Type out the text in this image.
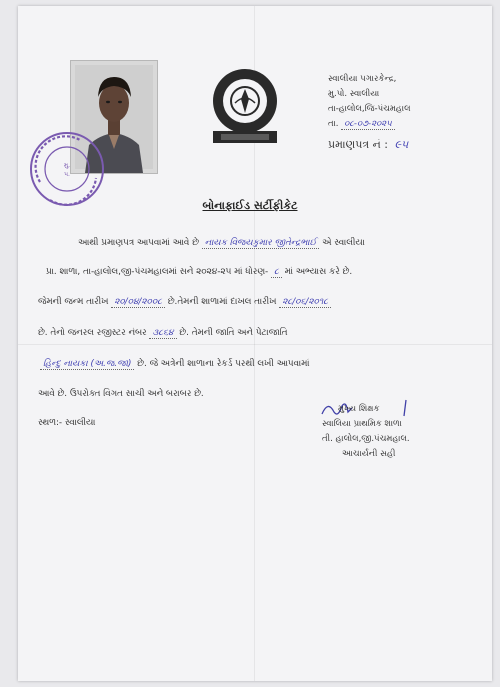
મુ.
૫.
સ્વાલીયા પગારકેન્દ્ર,
મુ.પો. સ્વાલીયા
તા-હાલોલ,જિ-પંચમહાલ
તા. ૦૮-૦૭-૨૦૨૫
પ્રમાણપત્ર નં : ૯૫
બોનાફાઈડ સર્ટીફીકેટ
આથી પ્રમાણપત્ર આપવામાં આવે છે નાયક વિજયકુમાર જીતેન્દ્રભાઈ એ સ્વાલીયા
પ્રા. શાળા, તા-હાલોલ,જી-પંચમહાલમાં સને ૨૦૨૪-૨૫ માં ધોરણ- ૮ માં અભ્યાસ કરે છે.
જેમની જન્મ તારીખ ૨૦/૦૪/૨૦૦૮ છે.તેમની શાળામાં દાખલ તારીખ ૨૮/૦૬/૨૦૧૮
છે. તેનો જનરલ રજીસ્ટર નંબર ૩૮૬૪ છે. તેમની જાતિ અને પેટાજાતિ
હિન્દુ નાયકા (અ.જ.જા) છે. જે અત્રેની શાળાના રેકર્ડ પરથી લખી આપવામાં
આવે છે. ઉપરોક્ત વિગત સાચી અને બરાબર છે.
સ્થળ:- સ્વાલીયા
મુખ્ય શિક્ષક
સ્વાલિયા પ્રાથમિક શાળા
તી. હાલોલ,જી.પંચમહાલ.
આચાર્યની સહી
